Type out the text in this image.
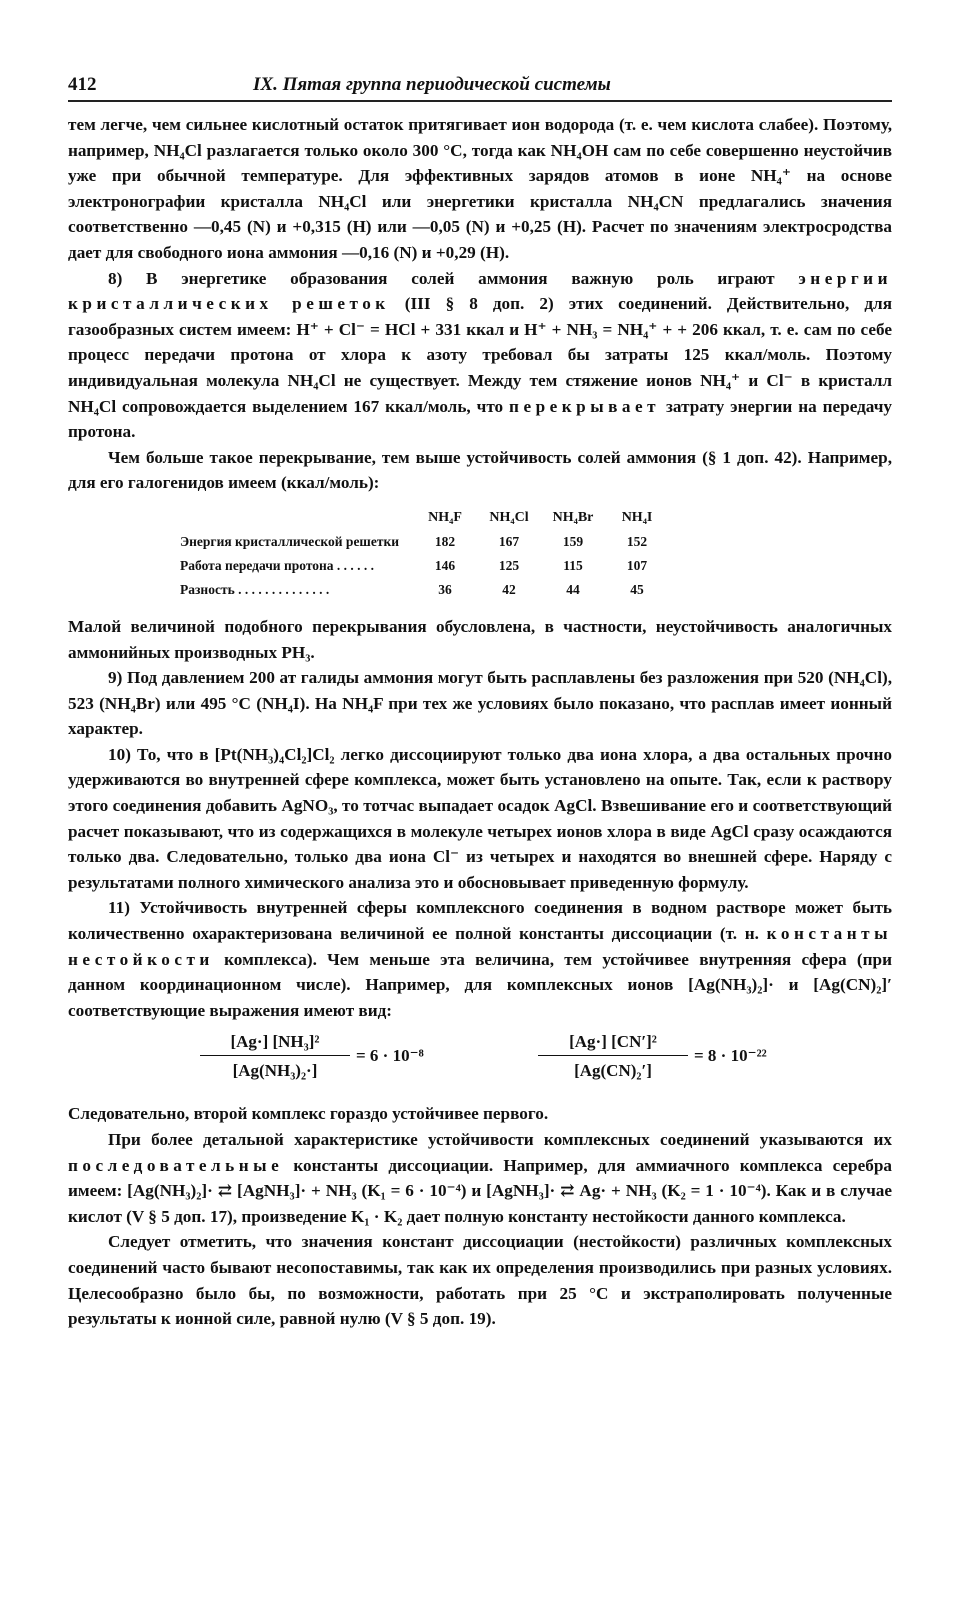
412	IX. Пятая группа периодической системы

тем легче, чем сильнее кислотный остаток притягивает ион водорода (т. е. чем кислота слабее). Поэтому, например, NH₄Cl разлагается только около 300 °C, тогда как NH₄OH сам по себе совершенно неустойчив уже при обычной температуре. Для эффективных зарядов атомов в ионе NH₄⁺ на основе электронографии кристалла NH₄Cl или энергетики кристалла NH₄CN предлагались значения соответственно —0,45 (N) и +0,315 (H) или —0,05 (N) и +0,25 (H). Расчет по значениям электросродства дает для свободного иона аммония —0,16 (N) и +0,29 (H).

8) В энергетике образования солей аммония важную роль играют энергии кристаллических решеток (III § 8 доп. 2) этих соединений. Действительно, для газообразных систем имеем: H⁺ + Cl⁻ = HCl + 331 ккал и H⁺ + NH₃ = NH₄⁺ + + 206 ккал, т. е. сам по себе процесс передачи протона от хлора к азоту требовал бы затраты 125 ккал/моль. Поэтому индивидуальная молекула NH₄Cl не существует. Между тем стяжение ионов NH₄⁺ и Cl⁻ в кристалл NH₄Cl сопровождается выделением 167 ккал/моль, что перекрывает затрату энергии на передачу протона.

Чем больше такое перекрывание, тем выше устойчивость солей аммония (§ 1 доп. 42). Например, для его галогенидов имеем (ккал/моль):

	NH₄F	NH₄Cl	NH₄Br	NH₄I
Энергия кристаллической решетки	182	167	159	152
Работа передачи протона . . . . . .	146	125	115	107
Разность . . . . . . . . . . . . . .	36	42	44	45

Малой величиной подобного перекрывания обусловлена, в частности, неустойчивость аналогичных аммонийных производных PH₃.

9) Под давлением 200 ат галиды аммония могут быть расплавлены без разложения при 520 (NH₄Cl), 523 (NH₄Br) или 495 °C (NH₄I). На NH₄F при тех же условиях было показано, что расплав имеет ионный характер.

10) То, что в [Pt(NH₃)₄Cl₂]Cl₂ легко диссоциируют только два иона хлора, а два остальных прочно удерживаются во внутренней сфере комплекса, может быть установлено на опыте. Так, если к раствору этого соединения добавить AgNO₃, то тотчас выпадает осадок AgCl. Взвешивание его и соответствующий расчет показывают, что из содержащихся в молекуле четырех ионов хлора в виде AgCl сразу осаждаются только два. Следовательно, только два иона Cl⁻ из четырех и находятся во внешней сфере. Наряду с результатами полного химического анализа это и обосновывает приведенную формулу.

11) Устойчивость внутренней сферы комплексного соединения в водном растворе может быть количественно охарактеризована величиной ее полной константы диссоциации (т. н. константы нестойкости комплекса). Чем меньше эта величина, тем устойчивее внутренняя сфера (при данном координационном числе). Например, для комплексных ионов [Ag(NH₃)₂]· и [Ag(CN)₂]′ соответствующие выражения имеют вид:

[Ag·] [NH₃]²
[Ag(NH₃)₂·]
= 6 · 10⁻⁸
[Ag·] [CN′]²
[Ag(CN)₂′]
= 8 · 10⁻²²

Следовательно, второй комплекс гораздо устойчивее первого.

При более детальной характеристике устойчивости комплексных соединений указываются их последовательные константы диссоциации. Например, для аммиачного комплекса серебра имеем: [Ag(NH₃)₂]· ⇄ [AgNH₃]· + NH₃ (K₁ = 6 · 10⁻⁴) и [AgNH₃]· ⇄ Ag· + NH₃ (K₂ = 1 · 10⁻⁴). Как и в случае кислот (V § 5 доп. 17), произведение K₁ · K₂ дает полную константу нестойкости данного комплекса.

Следует отметить, что значения констант диссоциации (нестойкости) различных комплексных соединений часто бывают несопоставимы, так как их определения производились при разных условиях. Целесообразно было бы, по возможности, работать при 25 °C и экстраполировать полученные результаты к ионной силе, равной нулю (V § 5 доп. 19).
